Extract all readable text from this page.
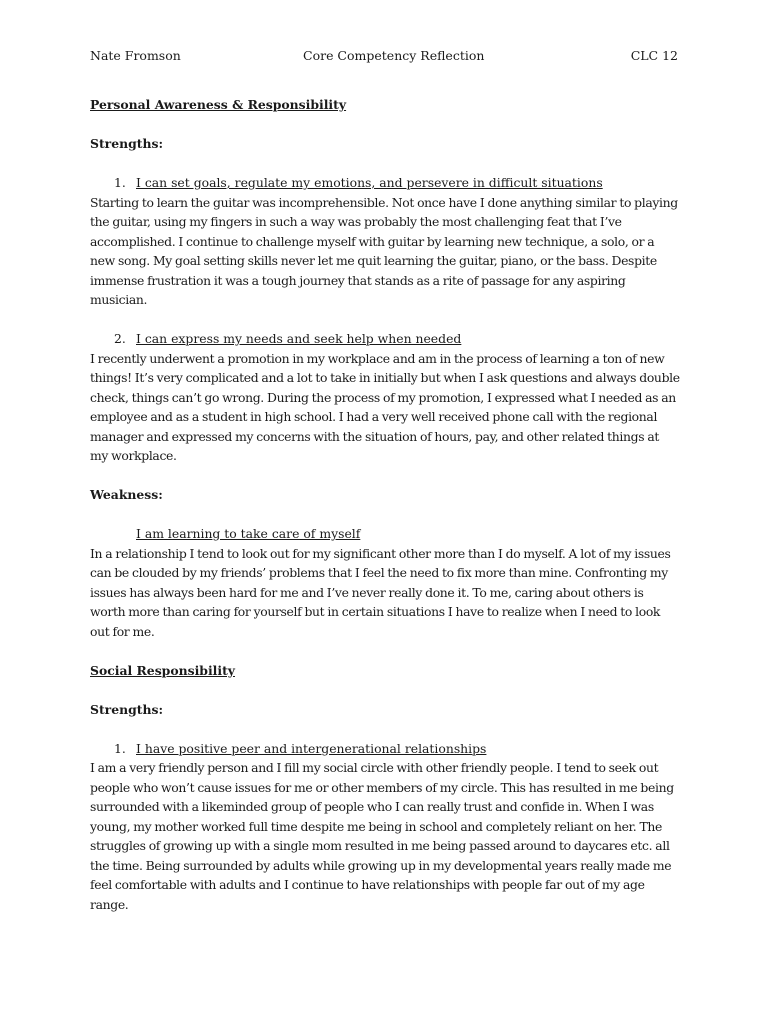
Nate Fromson	Core Competency Reflection	CLC 12

Personal Awareness & Responsibility

Strengths:

1. I can set goals, regulate my emotions, and persevere in difficult situations

Starting to learn the guitar was incomprehensible. Not once have I done anything similar to playing the guitar, using my fingers in such a way was probably the most challenging feat that I’ve accomplished. I continue to challenge myself with guitar by learning new technique, a solo, or a new song. My goal setting skills never let me quit learning the guitar, piano, or the bass. Despite immense frustration it was a tough journey that stands as a rite of passage for any aspiring musician.

2. I can express my needs and seek help when needed

I recently underwent a promotion in my workplace and am in the process of learning a ton of new things! It’s very complicated and a lot to take in initially but when I ask questions and always double check, things can’t go wrong. During the process of my promotion, I expressed what I needed as an employee and as a student in high school. I had a very well received phone call with the regional manager and expressed my concerns with the situation of hours, pay, and other related things at my workplace.

Weakness:

I am learning to take care of myself

In a relationship I tend to look out for my significant other more than I do myself. A lot of my issues can be clouded by my friends’ problems that I feel the need to fix more than mine. Confronting my issues has always been hard for me and I’ve never really done it. To me, caring about others is worth more than caring for yourself but in certain situations I have to realize when I need to look out for me.

Social Responsibility

Strengths:

1. I have positive peer and intergenerational relationships

I am a very friendly person and I fill my social circle with other friendly people. I tend to seek out people who won’t cause issues for me or other members of my circle. This has resulted in me being surrounded with a likeminded group of people who I can really trust and confide in. When I was young, my mother worked full time despite me being in school and completely reliant on her. The struggles of growing up with a single mom resulted in me being passed around to daycares etc. all the time. Being surrounded by adults while growing up in my developmental years really made me feel comfortable with adults and I continue to have relationships with people far out of my age range.
